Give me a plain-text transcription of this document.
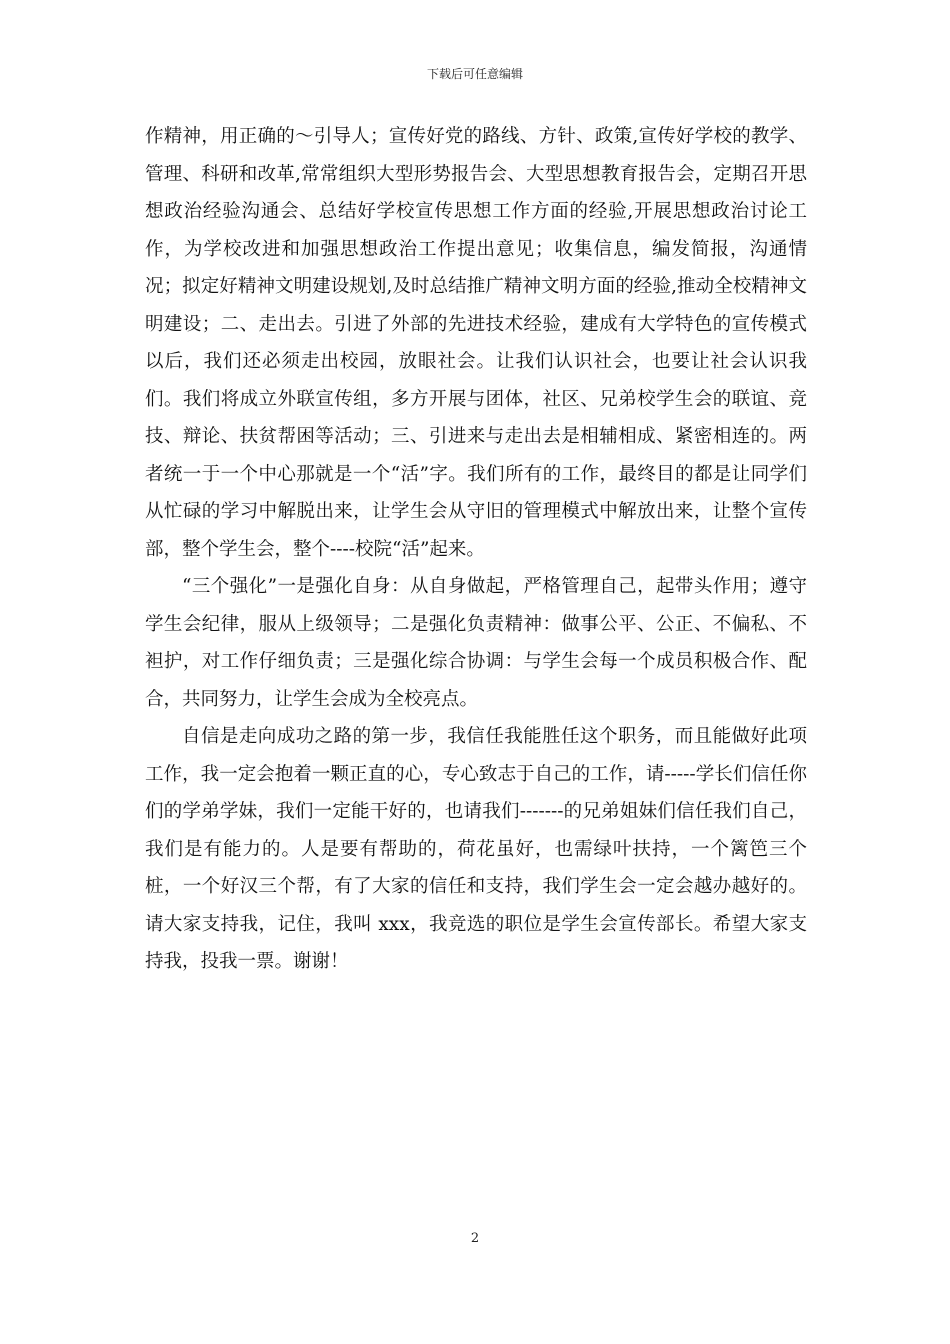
下载后可任意编辑

作精神，用正确的～引导人；宣传好党的路线、方针、政策,宣传好学校的教学、管理、科研和改革,常常组织大型形势报告会、大型思想教育报告会，定期召开思想政治经验沟通会、总结好学校宣传思想工作方面的经验,开展思想政治讨论工作，为学校改进和加强思想政治工作提出意见；收集信息，编发简报，沟通情况；拟定好精神文明建设规划,及时总结推广精神文明方面的经验,推动全校精神文明建设；二、走出去。引进了外部的先进技术经验，建成有大学特色的宣传模式以后，我们还必须走出校园，放眼社会。让我们认识社会，也要让社会认识我们。我们将成立外联宣传组，多方开展与团体，社区、兄弟校学生会的联谊、竞技、辩论、扶贫帮困等活动；三、引进来与走出去是相辅相成、紧密相连的。两者统一于一个中心那就是一个“活”字。我们所有的工作，最终目的都是让同学们从忙碌的学习中解脱出来，让学生会从守旧的管理模式中解放出来，让整个宣传部，整个学生会，整个----校院“活”起来。

“三个强化”一是强化自身：从自身做起，严格管理自己，起带头作用；遵守学生会纪律，服从上级领导；二是强化负责精神：做事公平、公正、不偏私、不袒护，对工作仔细负责；三是强化综合协调：与学生会每一个成员积极合作、配合，共同努力，让学生会成为全校亮点。

自信是走向成功之路的第一步，我信任我能胜任这个职务，而且能做好此项工作，我一定会抱着一颗正直的心，专心致志于自己的工作，请-----学长们信任你们的学弟学妹，我们一定能干好的，也请我们-------的兄弟姐妹们信任我们自己，我们是有能力的。人是要有帮助的，荷花虽好，也需绿叶扶持，一个篱笆三个桩，一个好汉三个帮，有了大家的信任和支持，我们学生会一定会越办越好的。请大家支持我，记住，我叫 xxx，我竞选的职位是学生会宣传部长。希望大家支持我，投我一票。谢谢！

2
